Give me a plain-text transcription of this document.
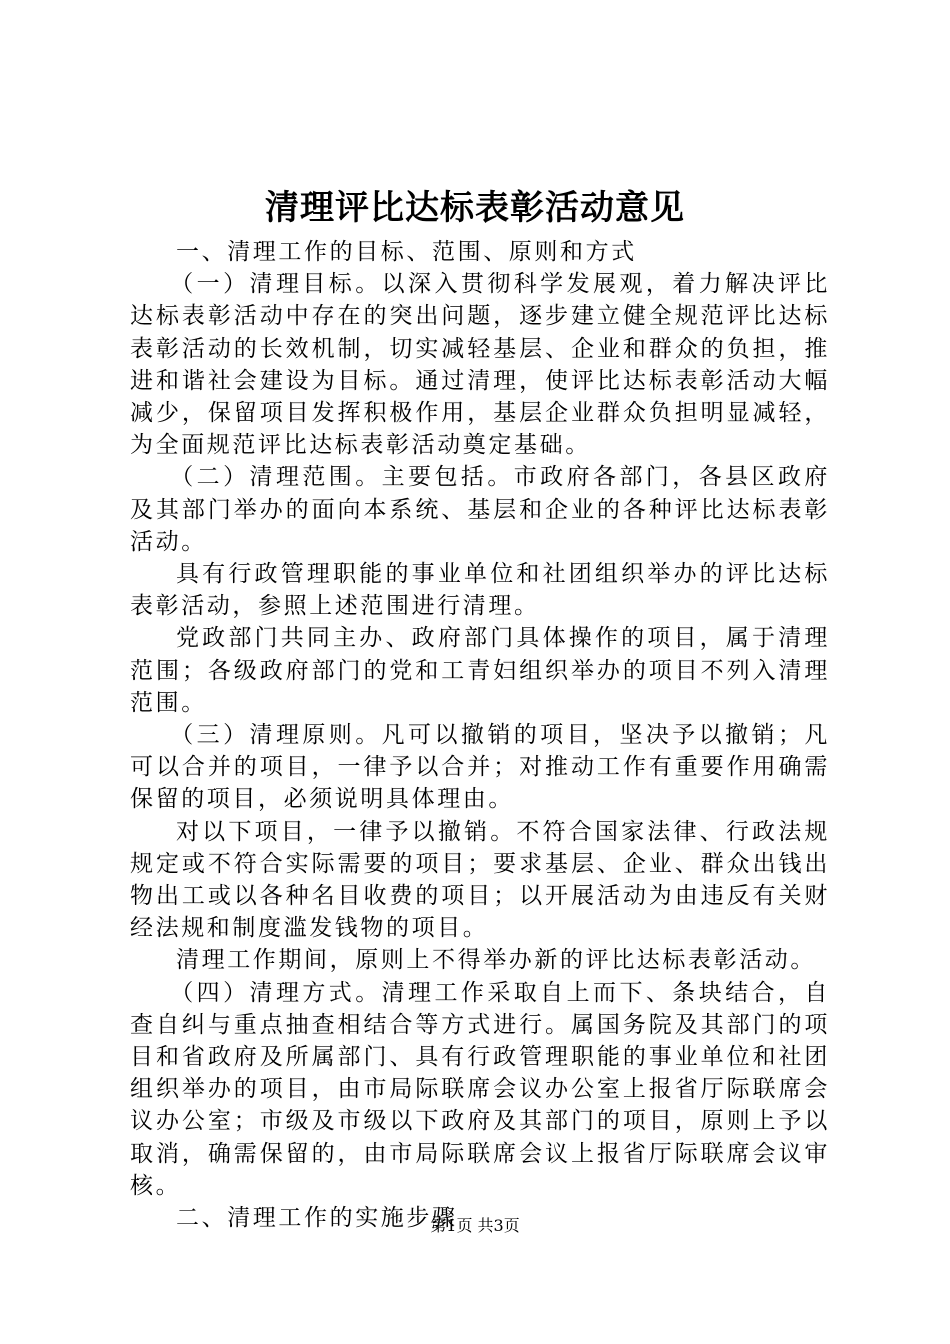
清理评比达标表彰活动意见

一、清理工作的目标、范围、原则和方式

（一）清理目标。以深入贯彻科学发展观，着力解决评比达标表彰活动中存在的突出问题，逐步建立健全规范评比达标表彰活动的长效机制，切实减轻基层、企业和群众的负担，推进和谐社会建设为目标。通过清理，使评比达标表彰活动大幅减少，保留项目发挥积极作用，基层企业群众负担明显减轻，为全面规范评比达标表彰活动奠定基础。

（二）清理范围。主要包括。市政府各部门，各县区政府及其部门举办的面向本系统、基层和企业的各种评比达标表彰活动。

具有行政管理职能的事业单位和社团组织举办的评比达标表彰活动，参照上述范围进行清理。

党政部门共同主办、政府部门具体操作的项目，属于清理范围；各级政府部门的党和工青妇组织举办的项目不列入清理范围。

（三）清理原则。凡可以撤销的项目，坚决予以撤销；凡可以合并的项目，一律予以合并；对推动工作有重要作用确需保留的项目，必须说明具体理由。

对以下项目，一律予以撤销。不符合国家法律、行政法规规定或不符合实际需要的项目；要求基层、企业、群众出钱出物出工或以各种名目收费的项目；以开展活动为由违反有关财经法规和制度滥发钱物的项目。

清理工作期间，原则上不得举办新的评比达标表彰活动。

（四）清理方式。清理工作采取自上而下、条块结合，自查自纠与重点抽查相结合等方式进行。属国务院及其部门的项目和省政府及所属部门、具有行政管理职能的事业单位和社团组织举办的项目，由市局际联席会议办公室上报省厅际联席会议办公室；市级及市级以下政府及其部门的项目，原则上予以取消，确需保留的，由市局际联席会议上报省厅际联席会议审核。

二、清理工作的实施步骤

第1页 共3页
